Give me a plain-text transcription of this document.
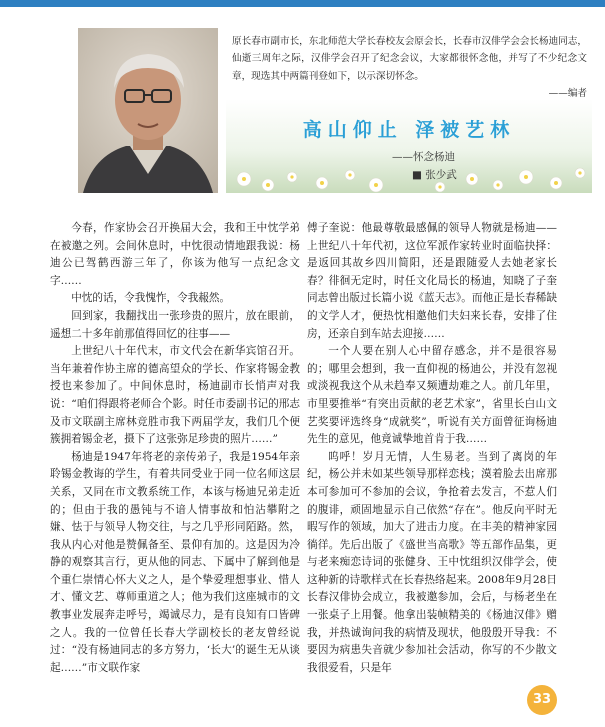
原长春市副市长，东北师范大学长春校友会原会长，长春市汉俳学会会长杨迪同志，仙逝三周年之际，汉俳学会召开了纪念会议，大家都很怀念他，并写了不少纪念文章，现选其中两篇刊登如下，以示深切怀念。
——编者
高山仰止 泽被艺林
——怀念杨迪
■ 张少武

今春，作家协会召开换届大会，我和王中忱学弟在被邀之列。会间休息时，中忱很动情地跟我说：杨迪公已驾鹤西游三年了，你该为他写一点纪念文字……

中忱的话，令我愧怍，令我赧然。

回到家，我翻找出一张珍贵的照片，放在眼前，遥想二十多年前那值得回忆的往事——

上世纪八十年代末，市文代会在新华宾馆召开。当年兼着作协主席的德高望众的学长、作家将锡金教授也来参加了。中间休息时，杨迪副市长悄声对我说：“咱们得跟将老师合个影。时任市委副书记的邢志及市文联副主席林竞胜市我下两届学友，我们几个便簇拥着锡金老，摄下了这张弥足珍贵的照片……”

杨迪是1947年将老的亲传弟子，我是1954年亲聆锡金教诲的学生，有着共同受业于同一位名师这层关系，又同在市文教系统工作，本该与杨迪兄弟走近的；但由于我的愚钝与不谙人情事故和怕沾攀附之嫌、怯于与领导人物交往，与之几乎形同陌路。然，我从内心对他是赞佩备至、景仰有加的。这是因为冷静的观察其言行，更从他的同志、下属中了解到他是个重仁崇情心怀大义之人，是个挚爱理想事业、惜人才、懂文艺、尊师重道之人；他为我们这座城市的文教事业发展奔走呼号，竭诚尽力，是有良知有口皆碑之人。我的一位曾任长春大学副校长的老友曾经说过：“没有杨迪同志的多方努力，‘长大’的诞生无从谈起……”市文联作家

傅子奎说：他最尊敬最感佩的领导人物就是杨迪——上世纪八十年代初，这位军派作家转业时面临抉择：是返回其故乡四川简阳，还是跟随爱人去她老家长春？徘徊无定时，时任文化局长的杨迪，知晓了子奎同志曾出版过长篇小说《蓝天志》。而他正是长春稀缺的文学人才，便热忱相邀他们夫妇来长春，安排了住房，还亲自到车站去迎接……

一个人要在别人心中留存感念，并不是很容易的；哪里会想到，我一直仰视的杨迪公，并没有忽视或淡视我这个从未趋奉又频遭劫难之人。前几年里，市里要推举“有突出贡献的老艺术家”，省里长白山文艺奖要评选终身“成就奖”，听说有关方面曾征询杨迪先生的意见，他竟诚挚地首肯于我……

呜呼！岁月无情，人生易老。当到了离岗的年纪，杨公并未如某些领导那样恋栈；漠着脸去出席那本可参加可不参加的会议，争抢着去发言，不惹人们的腹诽，顽固地显示自己依然“存在”。他反向平时无暇写作的领域，加大了进击力度。在丰美的精神家园徜徉。先后出版了《盛世当高歌》等五部作品集，更与老来痴恋诗词的张健身、王中忱组织汉俳学会，使这种新的诗歌样式在长春热络起来。2008年9月28日长春汉俳协会成立，我被邀参加，会后，与杨老坐在一张桌子上用餐。他拿出装帧精美的《杨迪汉俳》赠我，并热诚询问我的病情及现状，他殷殷开导我：不要因为病患失音就少参加社会活动，你写的不少散文我很爱看，只是年

33
